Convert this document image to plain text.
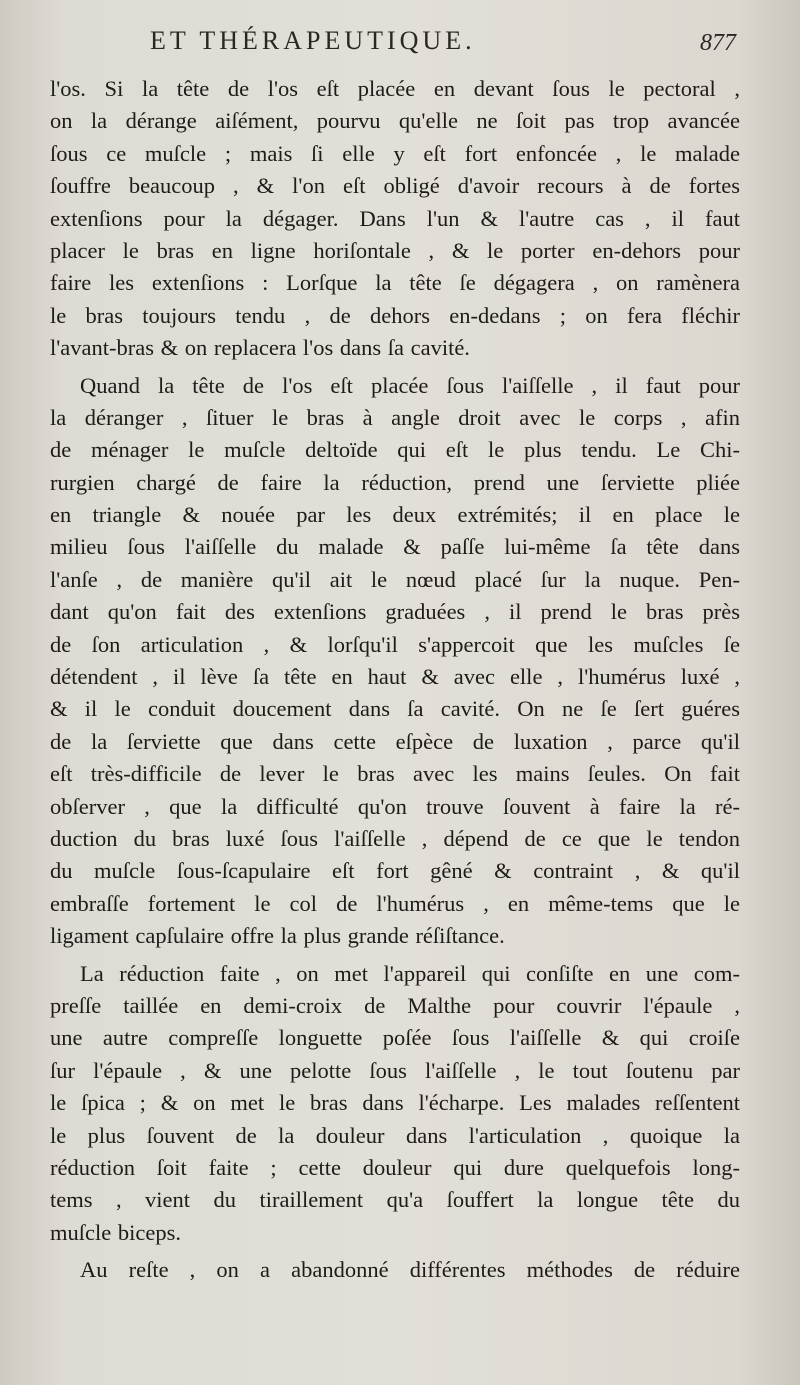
ET THÉRAPEUTIQUE.	877
l'os. Si la tête de l'os eſt placée en devant ſous le pectoral ,
on la dérange aiſément, pourvu qu'elle ne ſoit pas trop avancée
ſous ce muſcle ; mais ſi elle y eſt fort enfoncée , le malade
ſouffre beaucoup , & l'on eſt obligé d'avoir recours à de fortes
extenſions pour la dégager. Dans l'un & l'autre cas , il faut
placer le bras en ligne horiſontale , & le porter en-dehors pour
faire les extenſions : Lorſque la tête ſe dégagera , on ramènera
le bras toujours tendu , de dehors en-dedans ; on fera fléchir
l'avant-bras & on replacera l'os dans ſa cavité.
Quand la tête de l'os eſt placée ſous l'aiſſelle , il faut pour
la déranger , ſituer le bras à angle droit avec le corps , afin
de ménager le muſcle deltoïde qui eſt le plus tendu. Le Chi-
rurgien chargé de faire la réduction, prend une ſerviette pliée
en triangle & nouée par les deux extrémités; il en place le
milieu ſous l'aiſſelle du malade & paſſe lui-même ſa tête dans
l'anſe , de manière qu'il ait le nœud placé ſur la nuque. Pen-
dant qu'on fait des extenſions graduées , il prend le bras près
de ſon articulation , & lorſqu'il s'appercoit que les muſcles ſe
détendent , il lève ſa tête en haut & avec elle , l'humérus luxé ,
& il le conduit doucement dans ſa cavité. On ne ſe ſert guéres
de la ſerviette que dans cette eſpèce de luxation , parce qu'il
eſt très-difficile de lever le bras avec les mains ſeules. On fait
obſerver , que la difficulté qu'on trouve ſouvent à faire la ré-
duction du bras luxé ſous l'aiſſelle , dépend de ce que le tendon
du muſcle ſous-ſcapulaire eſt fort gêné & contraint , & qu'il
embraſſe fortement le col de l'humérus , en même-tems que le
ligament capſulaire offre la plus grande réſiſtance.
La réduction faite , on met l'appareil qui conſiſte en une com-
preſſe taillée en demi-croix de Malthe pour couvrir l'épaule ,
une autre compreſſe longuette poſée ſous l'aiſſelle & qui croiſe
ſur l'épaule , & une pelotte ſous l'aiſſelle , le tout ſoutenu par
le ſpica ; & on met le bras dans l'écharpe. Les malades reſſentent
le plus ſouvent de la douleur dans l'articulation , quoique la
réduction ſoit faite ; cette douleur qui dure quelquefois long-
tems , vient du tiraillement qu'a ſouffert la longue tête du
muſcle biceps.
Au reſte , on a abandonné différentes méthodes de réduire
